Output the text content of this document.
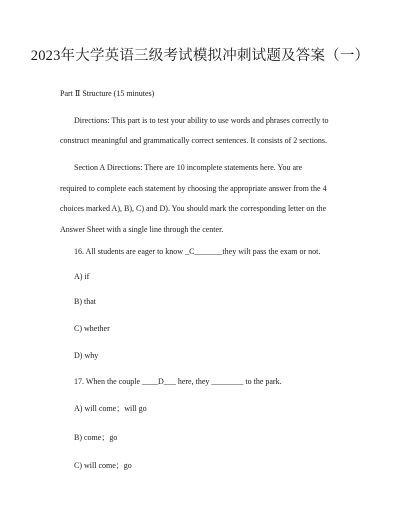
2023年大学英语三级考试模拟冲刺试题及答案（一）
Part Ⅱ Structure (15 minutes)
Directions: This part is to test your ability to use words and phrases correctly to
construct meaningful and grammatically correct sentences. It consists of 2 sections.
Section A Directions: There are 10 incomplete statements here. You are
required to complete each statement by choosing the appropriate answer from the 4
choices marked A), B), C) and D). You should mark the corresponding letter on the
Answer Sheet with a single line through the center.
16. All students are eager to know _C_______they wilt pass the exam or not.
A) if
B) that
C) whether
D) why
17. When the couple ____D___ here, they ________ to the park.
A) will come；will go
B) come；go
C) will come；go
